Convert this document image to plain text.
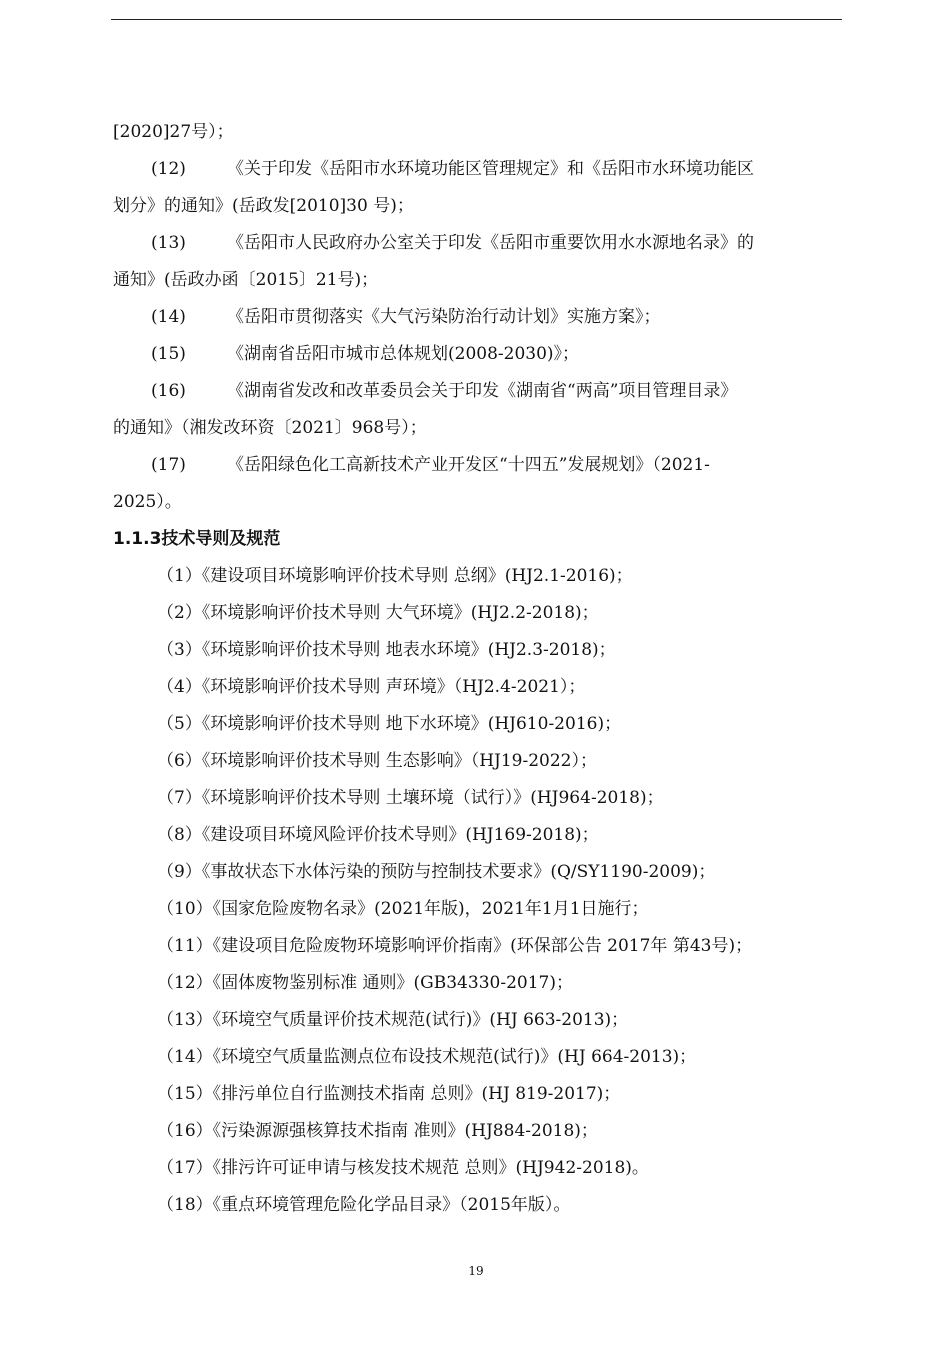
[2020]27号）；
(12) 《关于印发《岳阳市水环境功能区管理规定》和《岳阳市水环境功能区
划分》的通知》(岳政发[2010]30 号)；
(13) 《岳阳市人民政府办公室关于印发《岳阳市重要饮用水水源地名录》的
通知》(岳政办函〔2015〕21号)；
(14) 《岳阳市贯彻落实《大气污染防治行动计划》实施方案》；
(15) 《湖南省岳阳市城市总体规划(2008-2030)》；
(16) 《湖南省发改和改革委员会关于印发《湖南省“两高”项目管理目录》
的通知》（湘发改环资〔2021〕968号）；
(17) 《岳阳绿色化工高新技术产业开发区“十四五”发展规划》（2021-
2025）。
1.1.3技术导则及规范
（1）《建设项目环境影响评价技术导则 总纲》(HJ2.1-2016)；
（2）《环境影响评价技术导则 大气环境》(HJ2.2-2018)；
（3）《环境影响评价技术导则 地表水环境》(HJ2.3-2018)；
（4）《环境影响评价技术导则 声环境》（HJ2.4-2021）；
（5）《环境影响评价技术导则 地下水环境》(HJ610-2016)；
（6）《环境影响评价技术导则 生态影响》（HJ19-2022）；
（7）《环境影响评价技术导则 土壤环境（试行）》(HJ964-2018)；
（8）《建设项目环境风险评价技术导则》(HJ169-2018)；
（9）《事故状态下水体污染的预防与控制技术要求》(Q/SY1190-2009)；
（10）《国家危险废物名录》(2021年版)，2021年1月1日施行；
（11）《建设项目危险废物环境影响评价指南》(环保部公告 2017年 第43号)；
（12）《固体废物鉴别标准 通则》(GB34330-2017)；
（13）《环境空气质量评价技术规范(试行)》(HJ 663-2013)；
（14）《环境空气质量监测点位布设技术规范(试行)》(HJ 664-2013)；
（15）《排污单位自行监测技术指南 总则》(HJ 819-2017)；
（16）《污染源源强核算技术指南 准则》(HJ884-2018)；
（17）《排污许可证申请与核发技术规范 总则》(HJ942-2018)。
（18）《重点环境管理危险化学品目录》（2015年版）。
19
